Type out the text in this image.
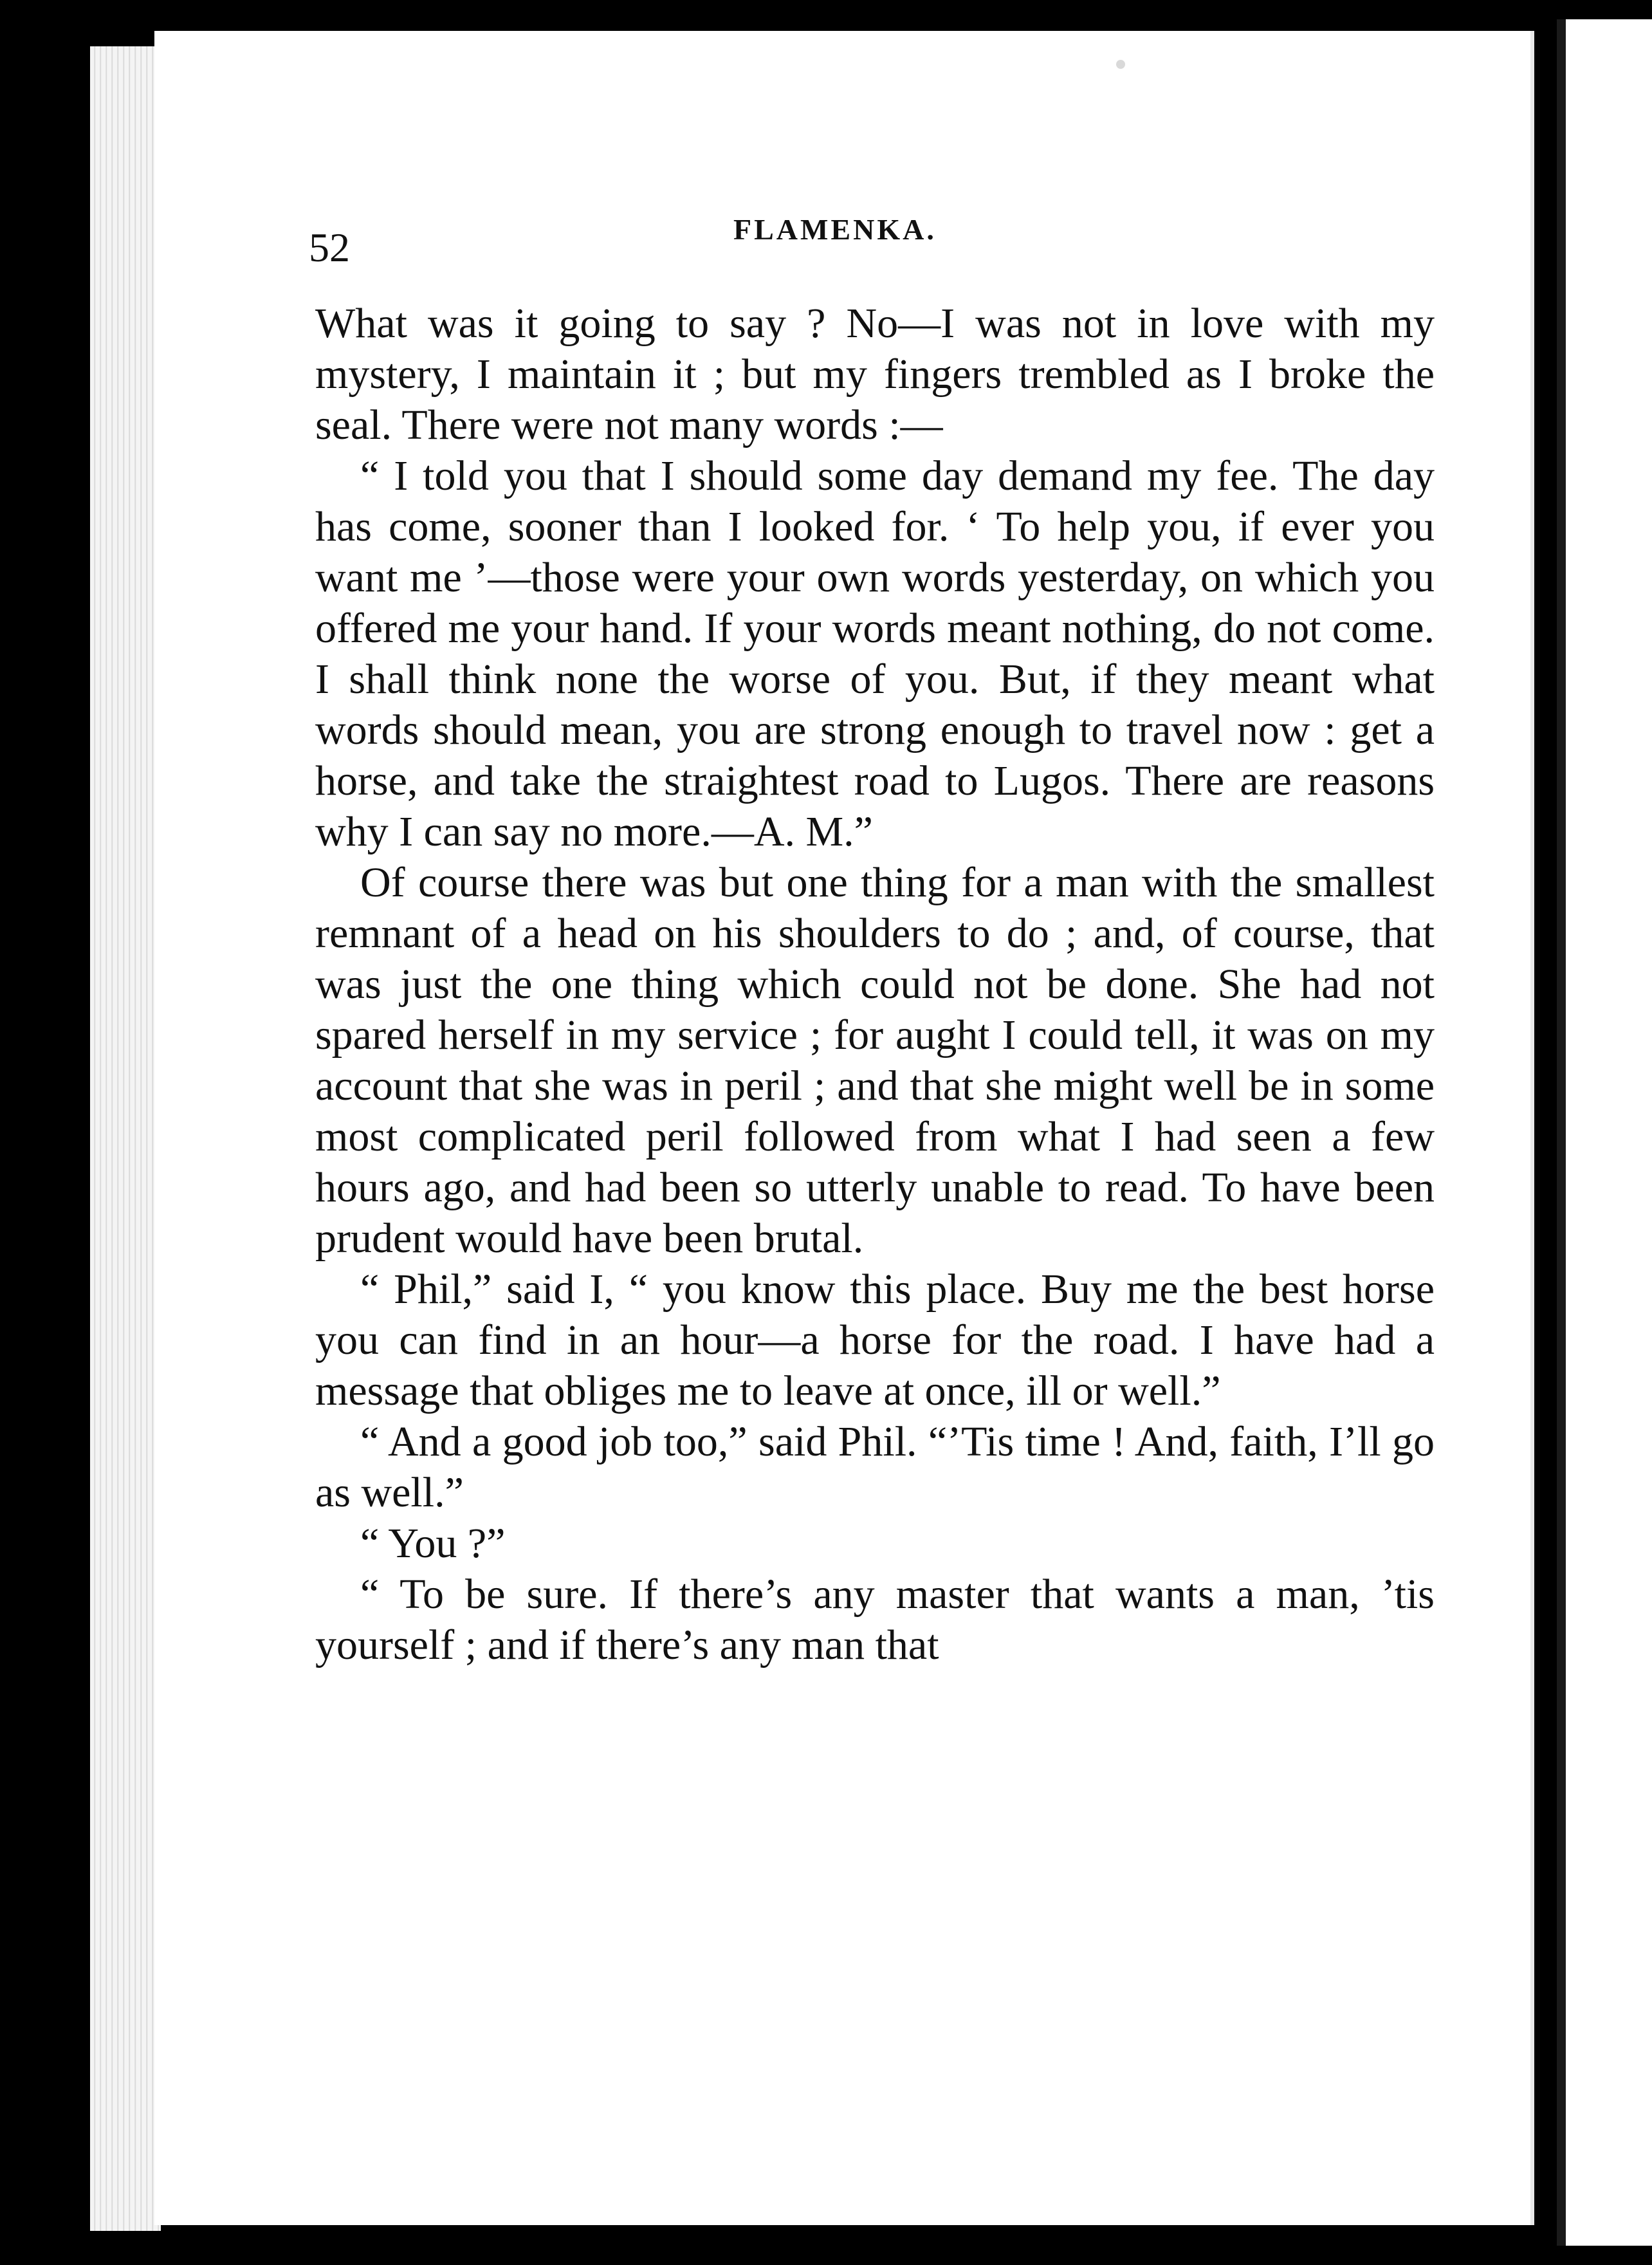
52	FLAMENKA.

What was it going to say ? No—I was not in love with my mystery, I maintain it ; but my fingers trembled as I broke the seal. There were not many words :—

“ I told you that I should some day demand my fee. The day has come, sooner than I looked for. ‘ To help you, if ever you want me ’—those were your own words yesterday, on which you offered me your hand. If your words meant nothing, do not come. I shall think none the worse of you. But, if they meant what words should mean, you are strong enough to travel now : get a horse, and take the straightest road to Lugos. There are reasons why I can say no more.—A. M.”

Of course there was but one thing for a man with the smallest remnant of a head on his shoulders to do ; and, of course, that was just the one thing which could not be done. She had not spared herself in my service ; for aught I could tell, it was on my account that she was in peril ; and that she might well be in some most complicated peril followed from what I had seen a few hours ago, and had been so utterly unable to read. To have been prudent would have been brutal.

“ Phil,” said I, “ you know this place. Buy me the best horse you can find in an hour—a horse for the road. I have had a message that obliges me to leave at once, ill or well.”

“ And a good job too,” said Phil. “’Tis time ! And, faith, I’ll go as well.”

“ You ?”

“ To be sure. If there’s any master that wants a man, ’tis yourself ; and if there’s any man that
